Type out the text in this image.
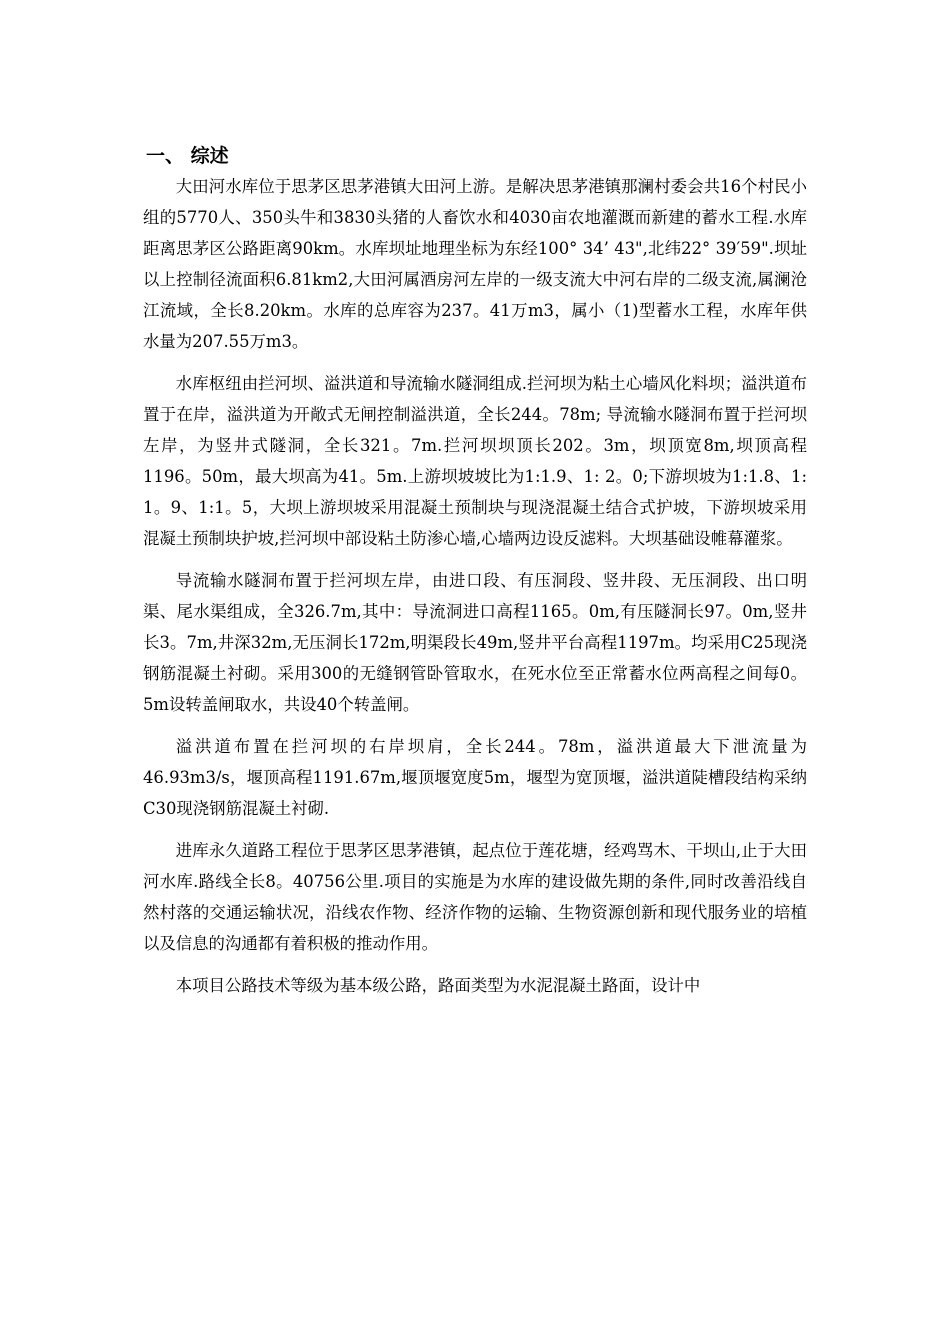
一、 综述

大田河水库位于思茅区思茅港镇大田河上游。是解决思茅港镇那澜村委会共16个村民小组的5770人、350头牛和3830头猪的人畜饮水和4030亩农地灌溉而新建的蓄水工程.水库距离思茅区公路距离90km。水库坝址地理坐标为东经100° 34’ 43",北纬22° 39′59".坝址以上控制径流面积6.81km2,大田河属酒房河左岸的一级支流大中河右岸的二级支流,属澜沧江流域，全长8.20km。水库的总库容为237。41万m3，属小（1)型蓄水工程，水库年供水量为207.55万m3。

水库枢纽由拦河坝、溢洪道和导流输水隧洞组成.拦河坝为粘土心墙风化料坝；溢洪道布置于在岸，溢洪道为开敞式无闸控制溢洪道，全长244。78m; 导流输水隧洞布置于拦河坝左岸，为竖井式隧洞，全长321。7m.拦河坝坝顶长202。3m，坝顶宽8m,坝顶高程1196。50m，最大坝高为41。5m.上游坝坡坡比为1:1.9、1: 2。0;下游坝坡为1:1.8、1: 1。9、1:1。5，大坝上游坝坡采用混凝土预制块与现浇混凝土结合式护坡，下游坝坡采用混凝土预制块护坡,拦河坝中部设粘土防渗心墙,心墙两边设反滤料。大坝基础设帷幕灌浆。

导流输水隧洞布置于拦河坝左岸，由进口段、有压洞段、竖井段、无压洞段、出口明渠、尾水渠组成，全326.7m,其中：导流洞进口高程1165。0m,有压隧洞长97。0m,竖井长3。7m,井深32m,无压洞长172m,明渠段长49m,竖井平台高程1197m。均采用C25现浇钢筋混凝土衬砌。采用300的无缝钢管卧管取水，在死水位至正常蓄水位两高程之间每0。5m设转盖闸取水，共设40个转盖闸。

溢洪道布置在拦河坝的右岸坝肩，全长244。78m，溢洪道最大下泄流量为46.93m3/s，堰顶高程1191.67m,堰顶堰宽度5m，堰型为宽顶堰，溢洪道陡槽段结构采纳C30现浇钢筋混凝土衬砌.

进库永久道路工程位于思茅区思茅港镇，起点位于莲花塘，经鸡骂木、干坝山,止于大田河水库.路线全长8。40756公里.项目的实施是为水库的建设做先期的条件,同时改善沿线自然村落的交通运输状况，沿线农作物、经济作物的运输、生物资源创新和现代服务业的培植以及信息的沟通都有着积极的推动作用。

本项目公路技术等级为基本级公路，路面类型为水泥混凝土路面，设计中
